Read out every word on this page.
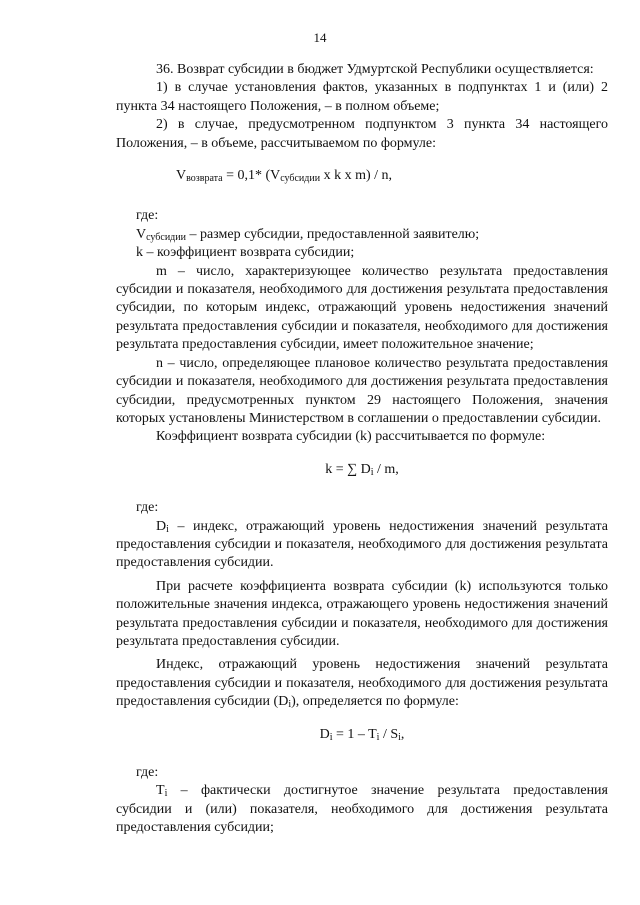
14

36. Возврат субсидии в бюджет Удмуртской Республики осуществляется:

1) в случае установления фактов, указанных в подпунктах 1 и (или) 2 пункта 34 настоящего Положения, – в полном объеме;

2) в случае, предусмотренном подпунктом 3 пункта 34 настоящего Положения, – в объеме, рассчитываемом по формуле:

$V_{возврата} = 0,1*$ ($V_{субсидии}$ x k x m) / n,

где:

$V_{субсидии}$ – размер субсидии, предоставленной заявителю;

k – коэффициент возврата субсидии;

m – число, характеризующее количество результата предоставления субсидии и показателя, необходимого для достижения результата предоставления субсидии, по которым индекс, отражающий уровень недостижения значений результата предоставления субсидии и показателя, необходимого для достижения результата предоставления субсидии, имеет положительное значение;

n – число, определяющее плановое количество результата предоставления субсидии и показателя, необходимого для достижения результата предоставления субсидии, предусмотренных пунктом 29 настоящего Положения, значения которых установлены Министерством в соглашении о предоставлении субсидии.

Коэффициент возврата субсидии (k) рассчитывается по формуле:

k = ∑ $D_i$ / m,

где:

$D_i$ – индекс, отражающий уровень недостижения значений результата предоставления субсидии и показателя, необходимого для достижения результата предоставления субсидии.

При расчете коэффициента возврата субсидии (k) используются только положительные значения индекса, отражающего уровень недостижения значений результата предоставления субсидии и показателя, необходимого для достижения результата предоставления субсидии.

Индекс, отражающий уровень недостижения значений результата предоставления субсидии и показателя, необходимого для достижения результата предоставления субсидии $(D_i)$, определяется по формуле:

$D_i = 1 - T_i / S_i$,

где:

$T_i$ – фактически достигнутое значение результата предоставления субсидии и (или) показателя, необходимого для достижения результата предоставления субсидии;
